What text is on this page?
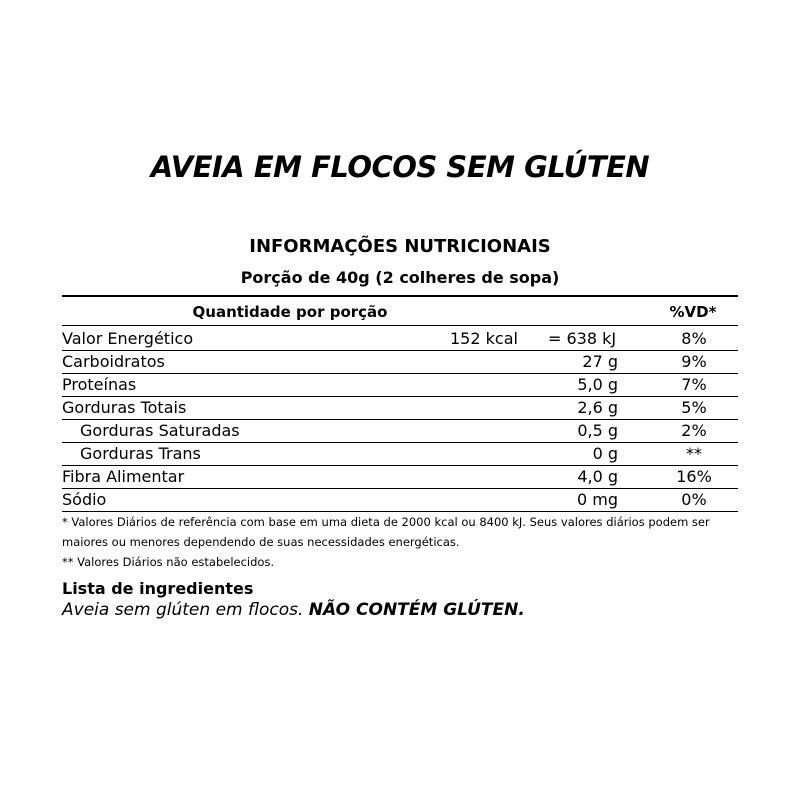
AVEIA EM FLOCOS SEM GLÚTEN
INFORMAÇÕES NUTRICIONAIS
Porção de 40g (2 colheres de sopa)
Quantidade por porção	%VD*
Valor Energético	152 kcal = 638 kJ	8%
Carboidratos	27 g	9%
Proteínas	5,0 g	7%
Gorduras Totais	2,6 g	5%
Gorduras Saturadas	0,5 g	2%
Gorduras Trans	0 g	**
Fibra Alimentar	4,0 g	16%
Sódio	0 mg	0%
* Valores Diários de referência com base em uma dieta de 2000 kcal ou 8400 kJ. Seus valores diários podem ser maiores ou menores dependendo de suas necessidades energéticas.
** Valores Diários não estabelecidos.
Lista de ingredientes
Aveia sem glúten em flocos. NÃO CONTÉM GLÚTEN.
